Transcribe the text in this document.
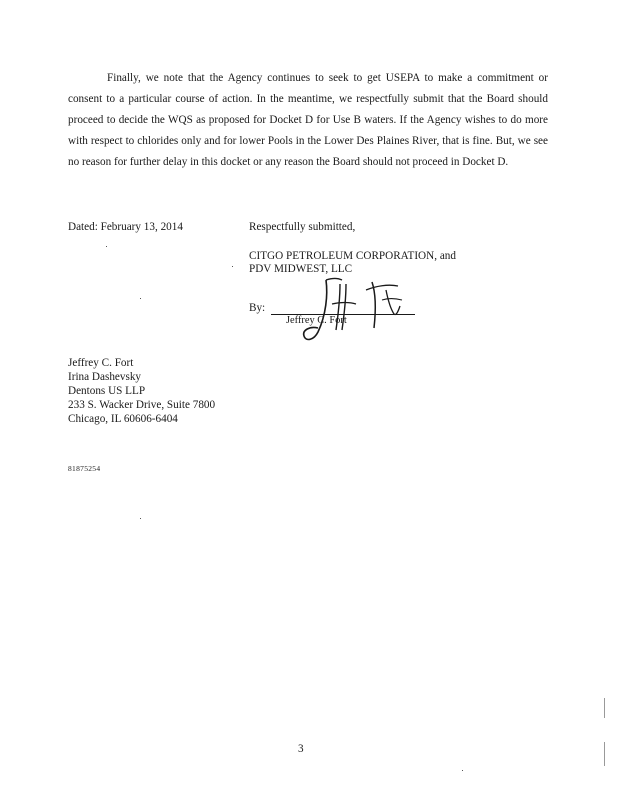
Finally, we note that the Agency continues to seek to get USEPA to make a commitment or consent to a particular course of action. In the meantime, we respectfully submit that the Board should proceed to decide the WQS as proposed for Docket D for Use B waters. If the Agency wishes to do more with respect to chlorides only and for lower Pools in the Lower Des Plaines River, that is fine. But, we see no reason for further delay in this docket or any reason the Board should not proceed in Docket D.

Dated: February 13, 2014	Respectfully submitted,
CITGO PETROLEUM CORPORATION, and
PDV MIDWEST, LLC
By:
Jeffrey C. Fort
Jeffrey C. Fort
Irina Dashevsky
Dentons US LLP
233 S. Wacker Drive, Suite 7800
Chicago, IL 60606-6404
81875254
3
